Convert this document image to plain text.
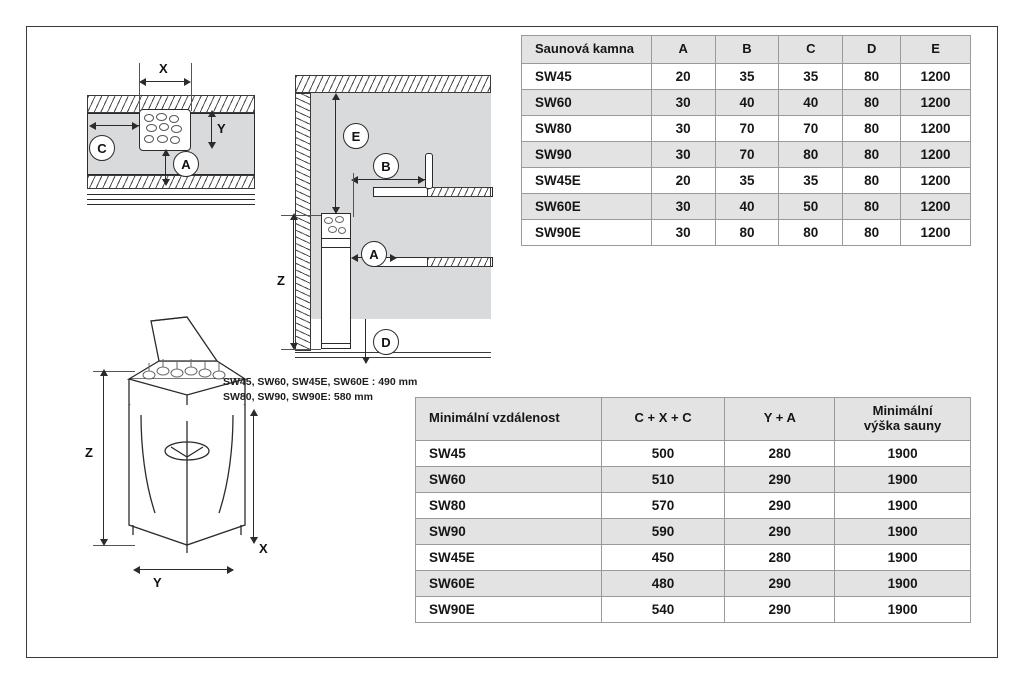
X
C
Y
A
E
B
A
D
Z
Z
X
Y
SW45, SW60, SW45E, SW60E : 490 mm
SW80, SW90, SW90E: 580 mm
Saunová kamna	A	B	C	D	E
SW45	20	35	35	80	1200
SW60	30	40	40	80	1200
SW80	30	70	70	80	1200
SW90	30	70	80	80	1200
SW45E	20	35	35	80	1200
SW60E	30	40	50	80	1200
SW90E	30	80	80	80	1200
Minimální vzdálenost	C + X + C	Y + A	Minimální
výška sauny
SW45	500	280	1900
SW60	510	290	1900
SW80	570	290	1900
SW90	590	290	1900
SW45E	450	280	1900
SW60E	480	290	1900
SW90E	540	290	1900
